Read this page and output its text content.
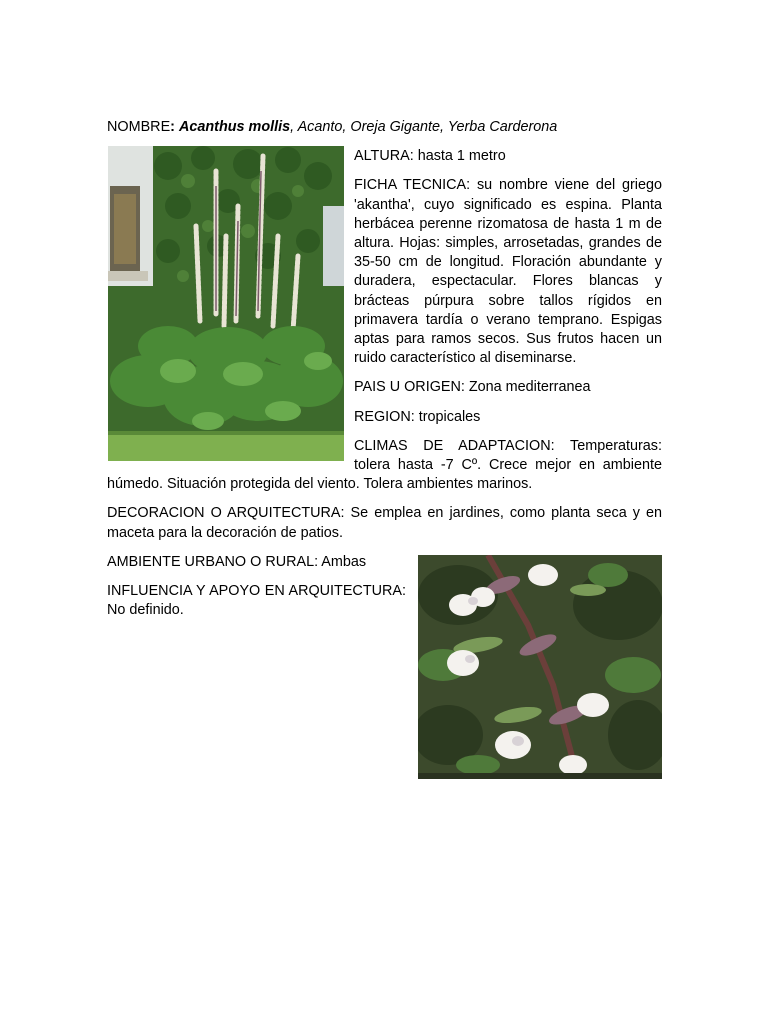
NOMBRE: Acanthus mollis, Acanto, Oreja Gigante, Yerba Carderona

ALTURA: hasta 1 metro

FICHA TECNICA: su nombre viene del griego 'akantha', cuyo significado es espina. Planta herbácea perenne rizomatosa de hasta 1 m de altura. Hojas: simples, arrosetadas, grandes de 35-50 cm de longitud. Floración abundante y duradera, espectacular. Flores blancas y brácteas púrpura sobre tallos rígidos en primavera tardía o verano temprano. Espigas aptas para ramos secos. Sus frutos hacen un ruido característico al diseminarse.

PAIS U ORIGEN: Zona mediterranea

REGION: tropicales

CLIMAS DE ADAPTACION: Temperaturas: tolera hasta -7 Cº. Crece mejor en ambiente húmedo. Situación protegida del viento. Tolera ambientes marinos.

DECORACION O ARQUITECTURA: Se emplea en jardines, como planta seca y en maceta para la decoración de patios.

AMBIENTE URBANO O RURAL: Ambas

INFLUENCIA Y APOYO EN ARQUITECTURA: No definido.
